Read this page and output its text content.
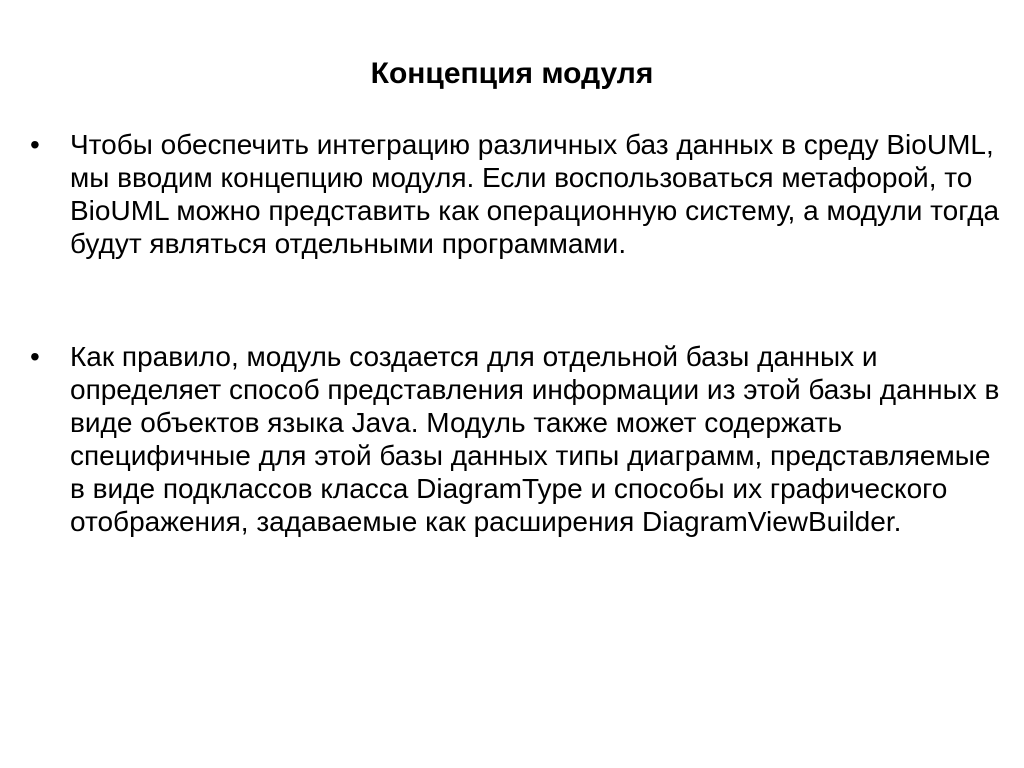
Концепция модуля
•	Чтобы обеспечить интеграцию различных баз данных в среду BioUML, мы вводим концепцию модуля. Если воспользоваться метафорой, то BioUML можно представить как операционную систему, а модули тогда будут являться отдельными программами.

•	Как правило, модуль создается для отдельной базы данных и определяет способ представления информации из этой базы данных в виде объектов языка Java. Модуль также может содержать специфичные для этой базы данных типы диаграмм, представляемые в виде подклассов класса DiagramType и способы их графического отображения, задаваемые как расширения DiagramViewBuilder.
